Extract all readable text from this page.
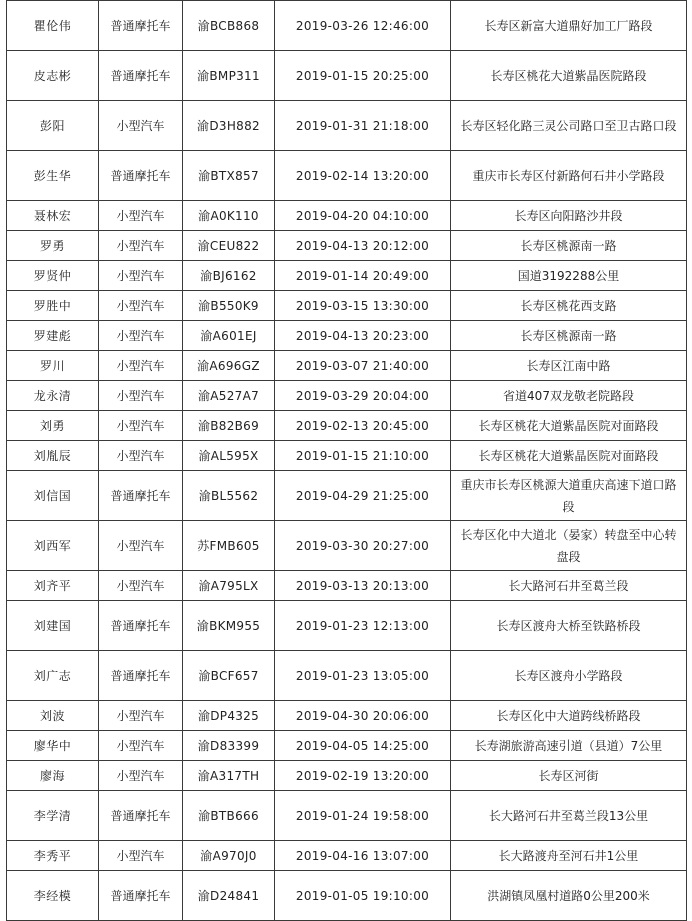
瞿伦伟	普通摩托车	渝BCB868	2019-03-26 12:46:00	长寿区新富大道鼎好加工厂路段
皮志彬	普通摩托车	渝BMP311	2019-01-15 20:25:00	长寿区桃花大道紫晶医院路段
彭阳	小型汽车	渝D3H882	2019-01-31 21:18:00	长寿区轻化路三灵公司路口至卫古路口段
彭生华	普通摩托车	渝BTX857	2019-02-14 13:20:00	重庆市长寿区付新路何石井小学路段
聂林宏	小型汽车	渝A0K110	2019-04-20 04:10:00	长寿区向阳路沙井段
罗勇	小型汽车	渝CEU822	2019-04-13 20:12:00	长寿区桃源南一路
罗贤仲	小型汽车	渝BJ6162	2019-01-14 20:49:00	国道3192288公里
罗胜中	小型汽车	渝B550K9	2019-03-15 13:30:00	长寿区桃花西支路
罗建彪	小型汽车	渝A601EJ	2019-04-13 20:23:00	长寿区桃源南一路
罗川	小型汽车	渝A696GZ	2019-03-07 21:40:00	长寿区江南中路
龙永清	小型汽车	渝A527A7	2019-03-29 20:04:00	省道407双龙敬老院路段
刘勇	小型汽车	渝B82B69	2019-02-13 20:45:00	长寿区桃花大道紫晶医院对面路段
刘胤辰	小型汽车	渝AL595X	2019-01-15 21:10:00	长寿区桃花大道紫晶医院对面路段
刘信国	普通摩托车	渝BL5562	2019-04-29 21:25:00	重庆市长寿区桃源大道重庆高速下道口路段
刘西军	小型汽车	苏FMB605	2019-03-30 20:27:00	长寿区化中大道北（晏家）转盘至中心转盘段
刘齐平	小型汽车	渝A795LX	2019-03-13 20:13:00	长大路河石井至葛兰段
刘建国	普通摩托车	渝BKM955	2019-01-23 12:13:00	长寿区渡舟大桥至铁路桥段
刘广志	普通摩托车	渝BCF657	2019-01-23 13:05:00	长寿区渡舟小学路段
刘波	小型汽车	渝DP4325	2019-04-30 20:06:00	长寿区化中大道跨线桥路段
廖华中	小型汽车	渝D83399	2019-04-05 14:25:00	长寿湖旅游高速引道（县道）7公里
廖海	小型汽车	渝A317TH	2019-02-19 13:20:00	长寿区河街
李学清	普通摩托车	渝BTB666	2019-01-24 19:58:00	长大路河石井至葛兰段13公里
李秀平	小型汽车	渝A970J0	2019-04-16 13:07:00	长大路渡舟至河石井1公里
李经模	普通摩托车	渝D24841	2019-01-05 19:10:00	洪湖镇凤凰村道路0公里200米
